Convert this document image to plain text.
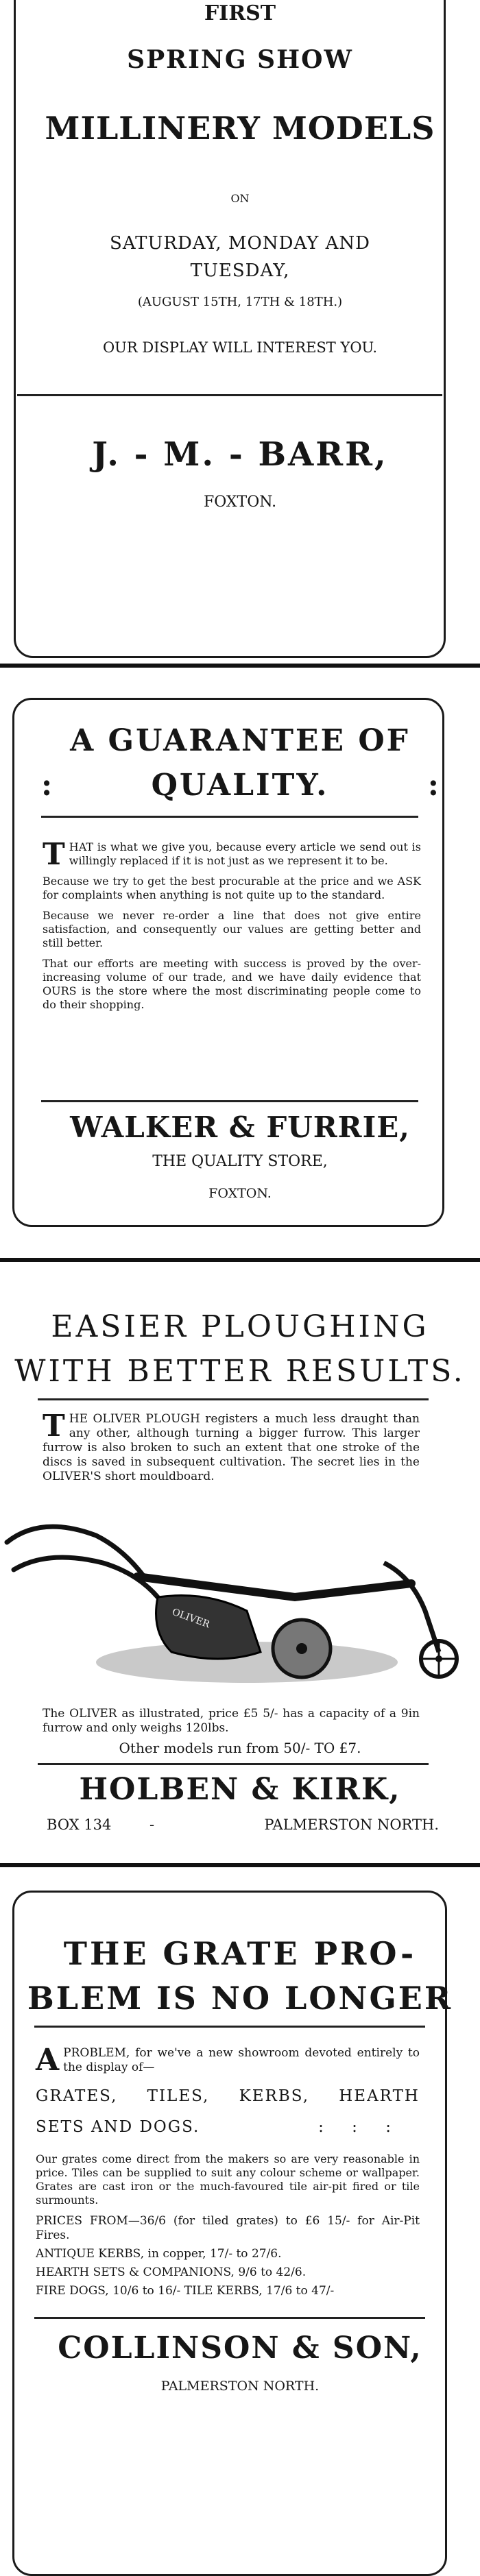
FIRST
SPRING SHOW
MILLINERY MODELS
ON
SATURDAY, MONDAY AND
TUESDAY,
(AUGUST 15TH, 17TH & 18TH.)
OUR DISPLAY WILL INTEREST YOU.
J. - M. - BARR,
FOXTON.
A GUARANTEE OF
:	QUALITY.	:

THAT is what we give you, because every article we send out is willingly replaced if it is not just as we represent it to be.

Because we try to get the best procurable at the price and we ASK for complaints when anything is not quite up to the standard.

Because we never re-order a line that does not give entire satisfaction, and consequently our values are getting better and still better.

That our efforts are meeting with success is proved by the over-increasing volume of our trade, and we have daily evidence that OURS is the store where the most discriminating people come to do their shopping.

WALKER & FURRIE,
THE QUALITY STORE,
FOXTON.
EASIER PLOUGHING
WITH BETTER RESULTS.

THE OLIVER PLOUGH registers a much less draught than any other, although turning a bigger furrow. This larger furrow is also broken to such an extent that one stroke of the discs is saved in subsequent cultivation. The secret lies in the OLIVER'S short mouldboard.

OLIVER

The OLIVER as illustrated, price £5 5/- has a capacity of a 9in furrow and only weighs 120lbs.

Other models run from 50/- TO £7.
HOLBEN & KIRK,
BOX 134	-	PALMERSTON NORTH.
THE GRATE PRO-
BLEM IS NO LONGER

APROBLEM, for we've a new showroom devoted entirely to the display of—

GRATES, TILES, KERBS, HEARTH
SETS AND DOGS.	: : :

Our grates come direct from the makers so are very reasonable in price. Tiles can be supplied to suit any colour scheme or wallpaper. Grates are cast iron or the much-favoured tile air-pit fired or tile surmounts.

PRICES FROM—36/6 (for tiled grates) to £6 15/- for Air-Pit Fires.

ANTIQUE KERBS, in copper, 17/- to 27/6.

HEARTH SETS & COMPANIONS, 9/6 to 42/6.

FIRE DOGS, 10/6 to 16/- TILE KERBS, 17/6 to 47/-

COLLINSON & SON,
PALMERSTON NORTH.
